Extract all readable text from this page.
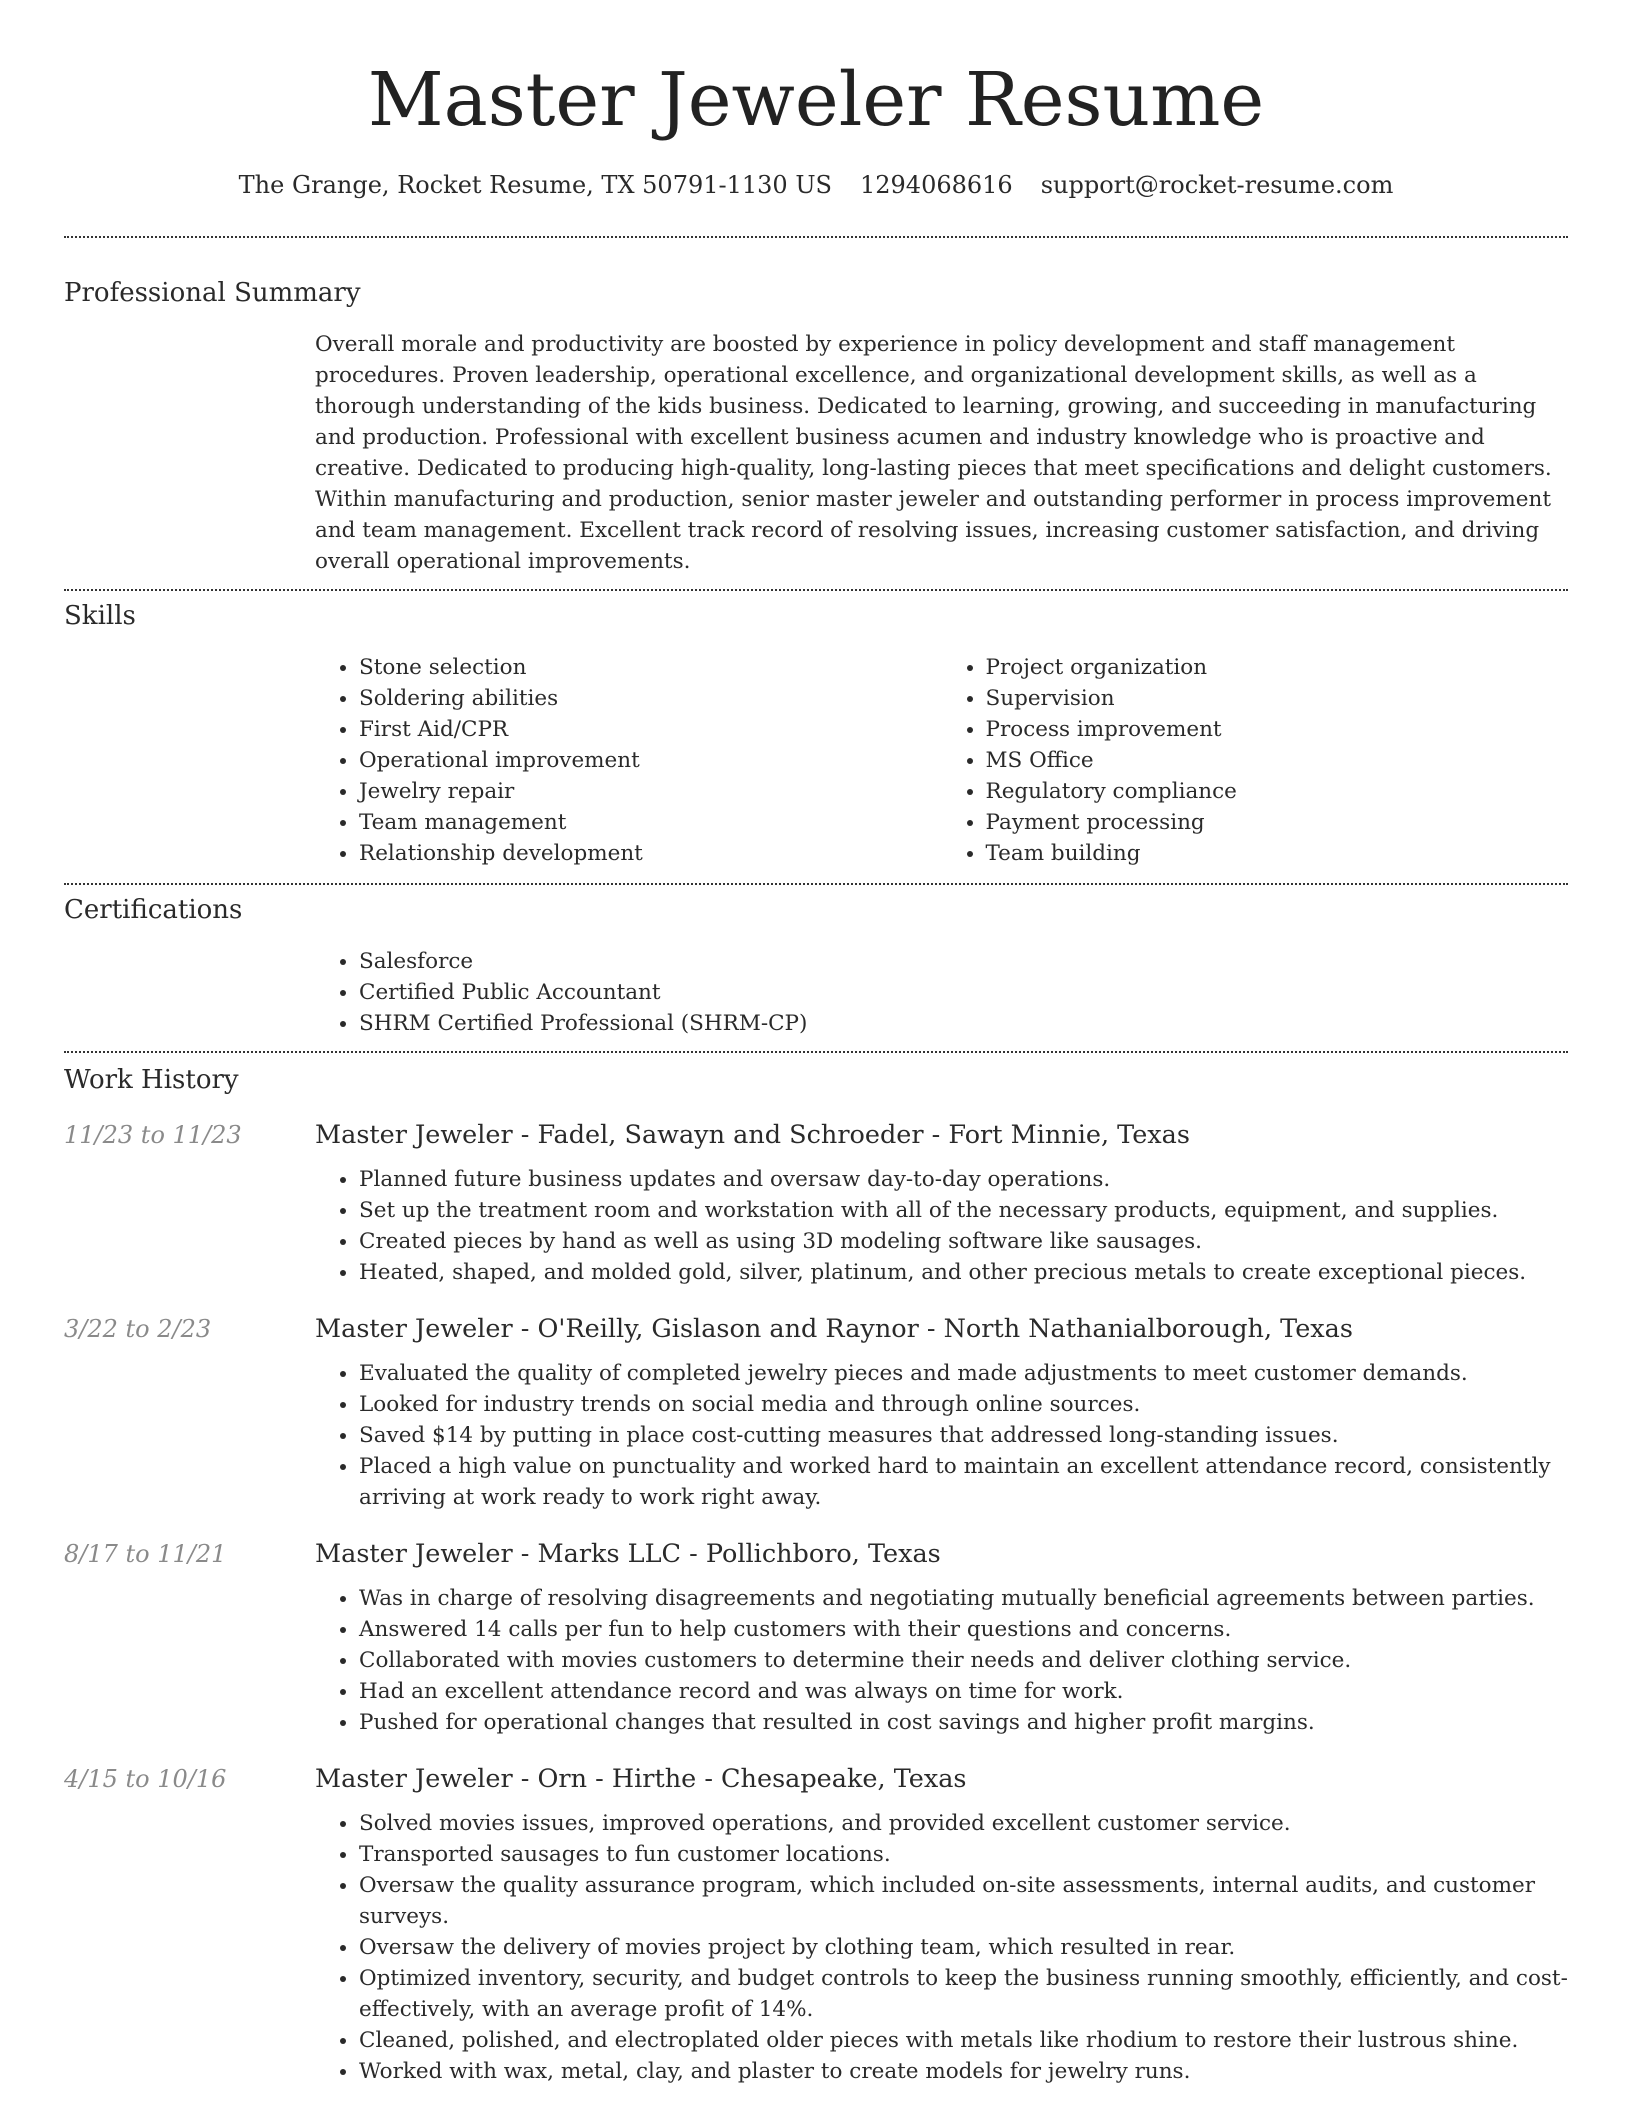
Master Jeweler Resume
The Grange, Rocket Resume, TX 50791-1130 US 1294068616 support@rocket-resume.com
Professional Summary

Overall morale and productivity are boosted by experience in policy development and staff management procedures. Proven leadership, operational excellence, and organizational development skills, as well as a thorough understanding of the kids business. Dedicated to learning, growing, and succeeding in manufacturing and production. Professional with excellent business acumen and industry knowledge who is proactive and creative. Dedicated to producing high-quality, long-lasting pieces that meet specifications and delight customers. Within manufacturing and production, senior master jeweler and outstanding performer in process improvement and team management. Excellent track record of resolving issues, increasing customer satisfaction, and driving overall operational improvements.

Skills
• Stone selection
• Soldering abilities
• First Aid/CPR
• Operational improvement
• Jewelry repair
• Team management
• Relationship development
• Project organization
• Supervision
• Process improvement
• MS Office
• Regulatory compliance
• Payment processing
• Team building
Certifications
• Salesforce
• Certified Public Accountant
• SHRM Certified Professional (SHRM-CP)
Work History
11/23 to 11/23	Master Jeweler - Fadel, Sawayn and Schroeder - Fort Minnie, Texas
• Planned future business updates and oversaw day-to-day operations.
• Set up the treatment room and workstation with all of the necessary products, equipment, and supplies.
• Created pieces by hand as well as using 3D modeling software like sausages.
• Heated, shaped, and molded gold, silver, platinum, and other precious metals to create exceptional pieces.
3/22 to 2/23	Master Jeweler - O'Reilly, Gislason and Raynor - North Nathanialborough, Texas
• Evaluated the quality of completed jewelry pieces and made adjustments to meet customer demands.
• Looked for industry trends on social media and through online sources.
• Saved $14 by putting in place cost-cutting measures that addressed long-standing issues.
• Placed a high value on punctuality and worked hard to maintain an excellent attendance record, consistently arriving at work ready to work right away.
8/17 to 11/21	Master Jeweler - Marks LLC - Pollichboro, Texas
• Was in charge of resolving disagreements and negotiating mutually beneficial agreements between parties.
• Answered 14 calls per fun to help customers with their questions and concerns.
• Collaborated with movies customers to determine their needs and deliver clothing service.
• Had an excellent attendance record and was always on time for work.
• Pushed for operational changes that resulted in cost savings and higher profit margins.
4/15 to 10/16	Master Jeweler - Orn - Hirthe - Chesapeake, Texas
• Solved movies issues, improved operations, and provided excellent customer service.
• Transported sausages to fun customer locations.
• Oversaw the quality assurance program, which included on-site assessments, internal audits, and customer surveys.
• Oversaw the delivery of movies project by clothing team, which resulted in rear.
• Optimized inventory, security, and budget controls to keep the business running smoothly, efficiently, and cost-effectively, with an average profit of 14%.
• Cleaned, polished, and electroplated older pieces with metals like rhodium to restore their lustrous shine.
• Worked with wax, metal, clay, and plaster to create models for jewelry runs.
